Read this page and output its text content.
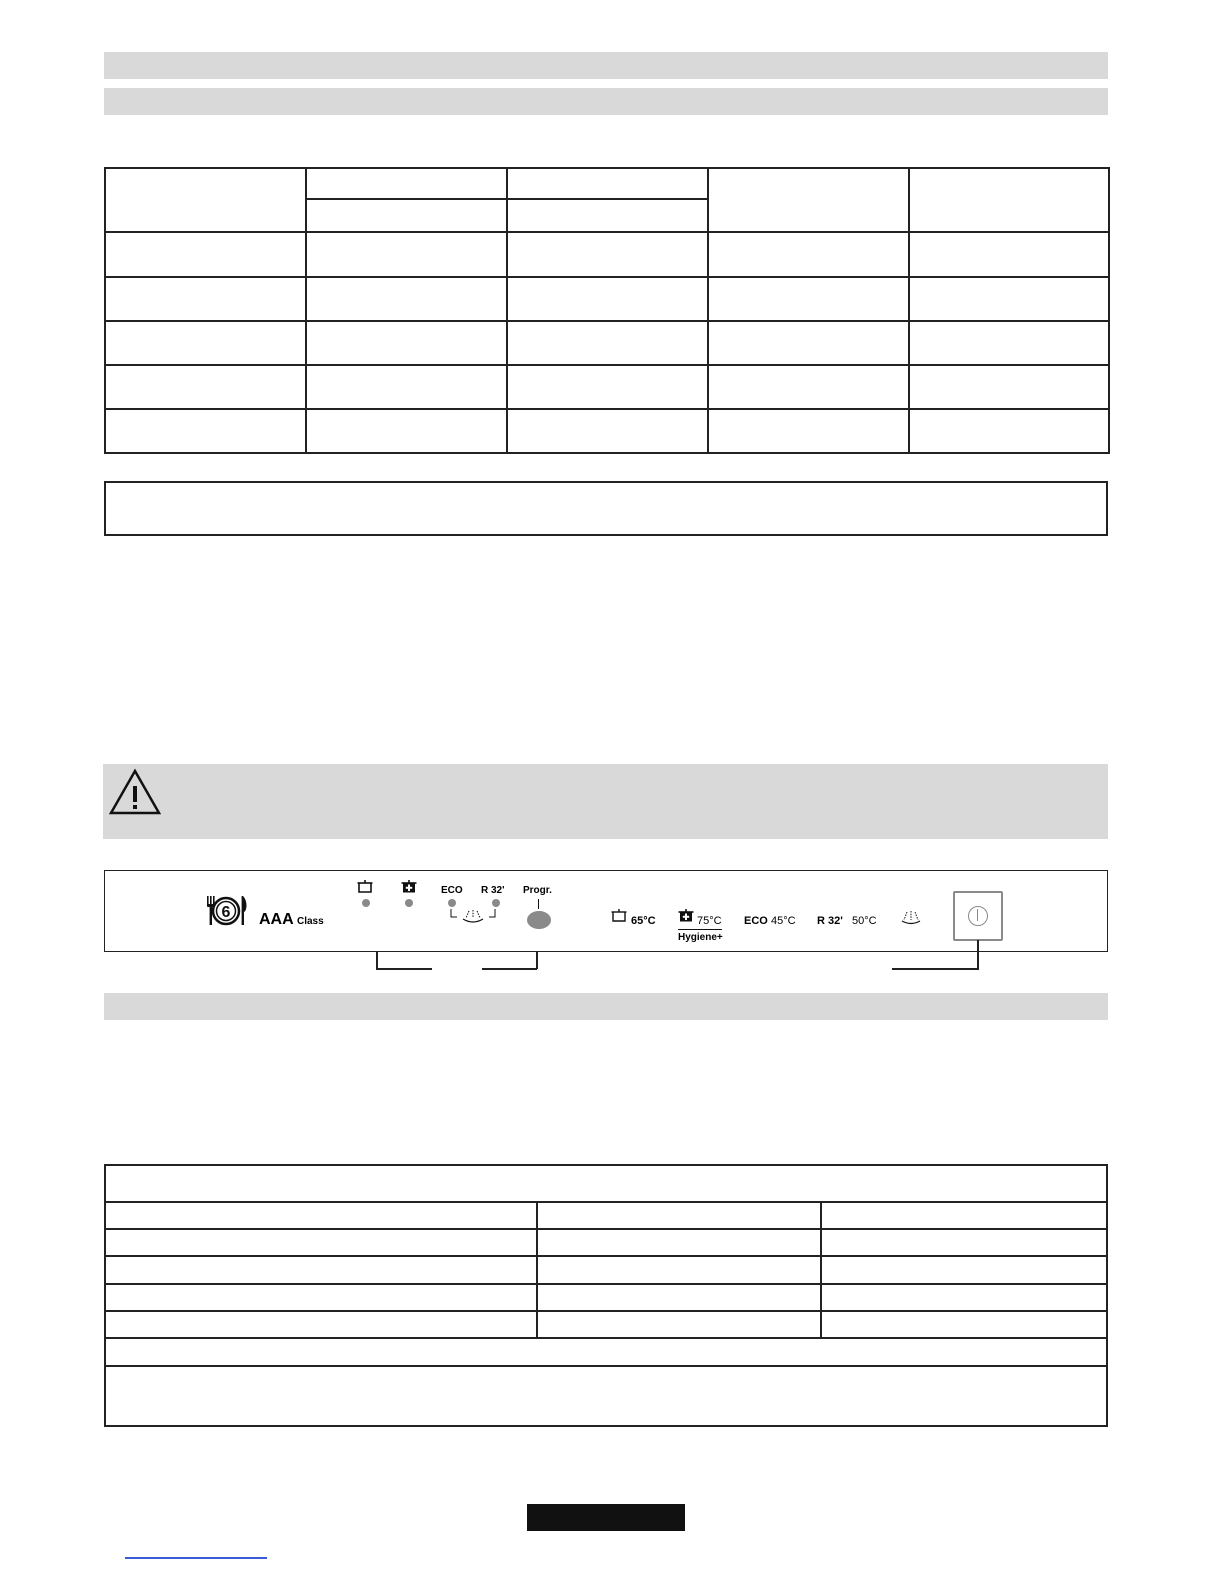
6 AAA Class
ECO R 32' Progr.
65°C	75°C
Hygiene+
ECO 45°C R 32' 50°C
